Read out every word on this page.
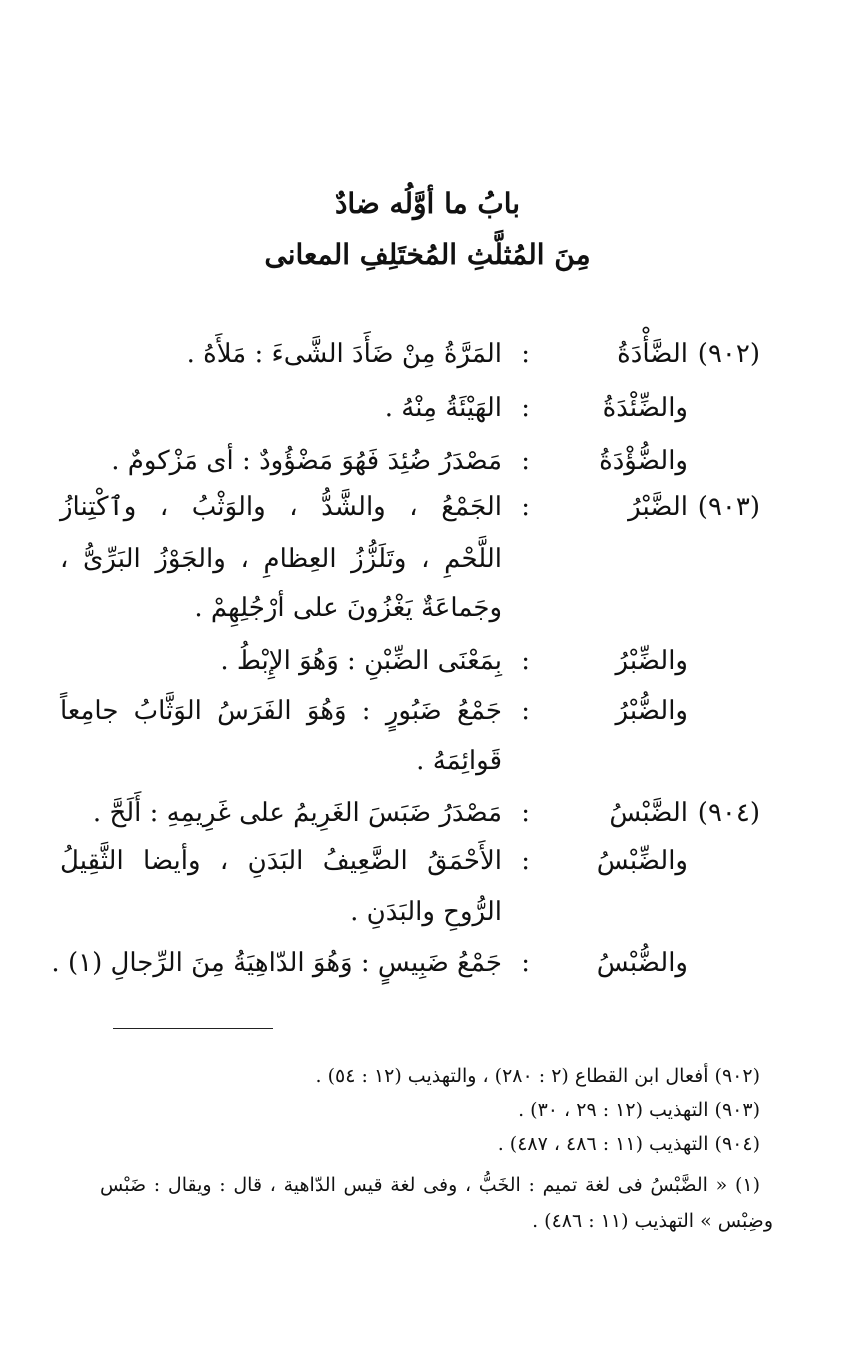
بابُ ما أوَّلُه ضادٌ
مِنَ المُثلَّثِ المُختَلِفِ المعانى
(٩٠٢)
الضَّأْدَةُ
:
المَرَّةُ مِنْ ضَأَدَ الشَّىءَ : مَلأَهُ .
والضِّئْدَةُ
:
الهَيْئَةُ مِنْهُ .
والضُّؤْدَةُ
:
مَصْدَرُ ضُئِدَ فَهُوَ مَضْؤُودٌ : أى مَزْكومٌ .
(٩٠٣)
الضَّبْرُ
:
الجَمْعُ ، والشَّدُّ ، والوَثْبُ ، وٱكْتِنازُ
اللَّحْمِ ، وتَلَزُّزُ العِظامِ ، والجَوْزُ البَرِّىُّ ،
وجَماعَةٌ يَغْزُونَ على أرْجُلِهِمْ .
والضِّبْرُ
:
بِمَعْنَى الضِّبْنِ : وَهُوَ الإِبْطُ .
والضُّبْرُ
:
جَمْعُ ضَبُورٍ : وَهُوَ الفَرَسُ الوَثَّابُ جامِعاً
قَوائِمَهُ .
(٩٠٤)
الضَّبْسُ
:
مَصْدَرُ ضَبَسَ الغَرِيمُ على غَرِيمِهِ : أَلَحَّ .
والضِّبْسُ
:
الأَحْمَقُ الضَّعِيفُ البَدَنِ ، وأيضا الثَّقِيلُ
الرُّوحِ والبَدَنِ .
والضُّبْسُ
:
جَمْعُ ضَبِيسٍ : وَهُوَ الدّاهِيَةُ مِنَ الرِّجالِ (١) .
(٩٠٢) أفعال ابن القطاع (٢ : ٢٨٠) ، والتهذيب (١٢ : ٥٤) .
(٩٠٣) التهذيب (١٢ : ٢٩ ، ٣٠) .
(٩٠٤) التهذيب (١١ : ٤٨٦ ، ٤٨٧) .
(١) « الضَّبْسُ فى لغة تميم : الخَبُّ ، وفى لغة قيس الدّاهية ، قال : ويقال : ضَبْس
وضِبْس » التهذيب (١١ : ٤٨٦) .
